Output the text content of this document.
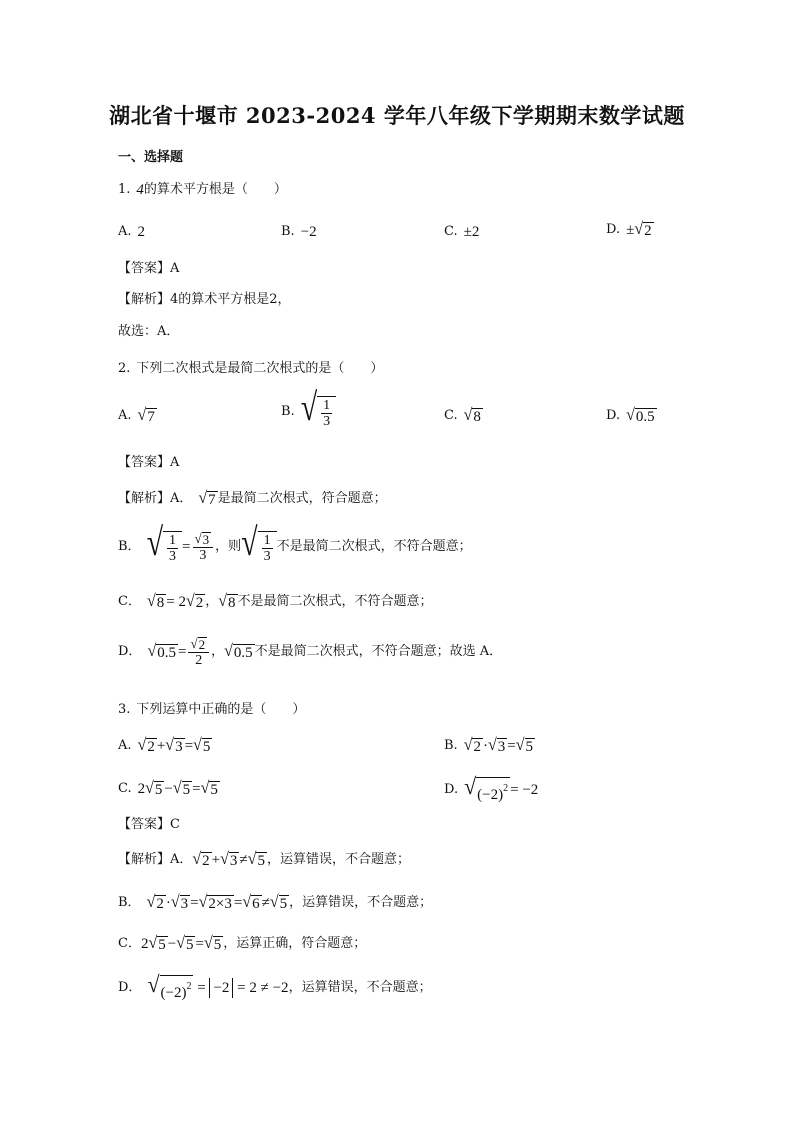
湖北省十堰市 2023-2024 学年八年级下学期期末数学试题
一、选择题
1. 4 的算术平方根是（　　）
A. 2	B. −2	C. ±2	D. ± √ 2
【答案】A
【解析】4的算术平方根是2，
故选：A．
2. 下列二次根式是最简二次根式的是（　　）
A. √ 7	B. √ $\frac{1}{3}$	C. √ 8	D. √ 0.5
【答案】A
【解析】A． √ 7 是最简二次根式，符合题意；
B． √ $\frac{1}{3} = \frac{√ 3}{3}$ ，则 √ $\frac{1}{3}$ 不是最简二次根式，不符合题意；
C． √ 8 = 2 √ 2 ， √ 8 不是最简二次根式，不符合题意；
D． √ $0.5 = \frac{√ 2}{2}$ ， √ 0.5 不是最简二次根式，不符合题意；故选 A．
3. 下列运算中正确的是（　　）
A. √ 2 + √ 3 = √ 5	B. √ 2 · √ 3 = √ 5
C. 2 √ 5 − √ 5 = √ 5	D. √ $(-2)^2 = -2$
【答案】C
【解析】A． √ 2 + √ 3 ≠ √ 5 ，运算错误，不合题意；
B． √ 2 · √ 3 = √ 2×3 = √ 6 ≠ √ 5 ，运算错误，不合题意；
C． 2 √ 5 − √ 5 = √ 5 ，运算正确，符合题意；
D． √ $(-2)^2 = -2$
= 2 ≠ −2 ，运算错误，不合题意；
